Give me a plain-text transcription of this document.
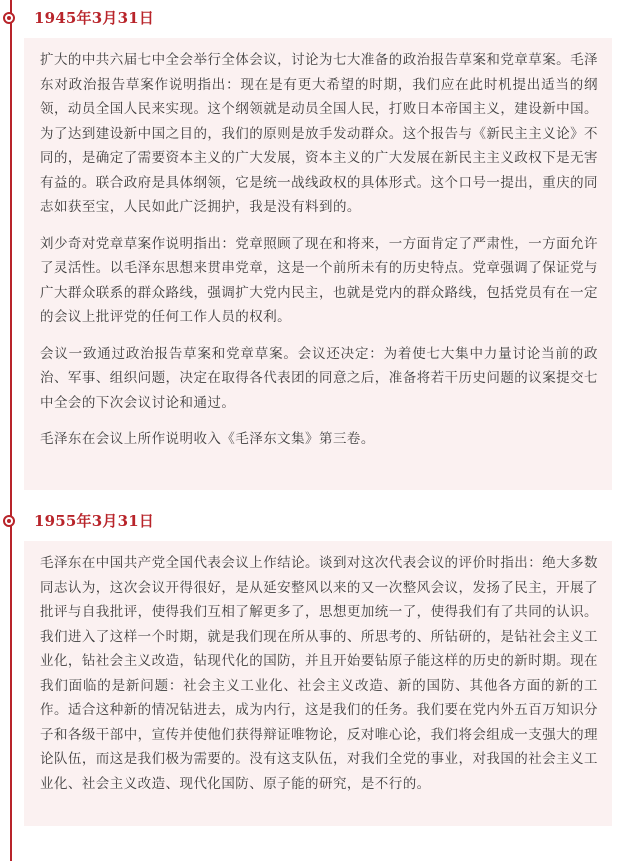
1945年3月31日

扩大的中共六届七中全会举行全体会议，讨论为七大准备的政治报告草案和党章草案。毛泽东对政治报告草案作说明指出：现在是有更大希望的时期，我们应在此时机提出适当的纲领，动员全国人民来实现。这个纲领就是动员全国人民，打败日本帝国主义，建设新中国。为了达到建设新中国之目的，我们的原则是放手发动群众。这个报告与《新民主主义论》不同的，是确定了需要资本主义的广大发展，资本主义的广大发展在新民主主义政权下是无害有益的。联合政府是具体纲领，它是统一战线政权的具体形式。这个口号一提出，重庆的同志如获至宝，人民如此广泛拥护，我是没有料到的。

刘少奇对党章草案作说明指出：党章照顾了现在和将来，一方面肯定了严肃性，一方面允许了灵活性。以毛泽东思想来贯串党章，这是一个前所未有的历史特点。党章强调了保证党与广大群众联系的群众路线，强调扩大党内民主，也就是党内的群众路线，包括党员有在一定的会议上批评党的任何工作人员的权利。

会议一致通过政治报告草案和党章草案。会议还决定：为着使七大集中力量讨论当前的政治、军事、组织问题，决定在取得各代表团的同意之后，准备将若干历史问题的议案提交七中全会的下次会议讨论和通过。

毛泽东在会议上所作说明收入《毛泽东文集》第三卷。

1955年3月31日

毛泽东在中国共产党全国代表会议上作结论。谈到对这次代表会议的评价时指出：绝大多数同志认为，这次会议开得很好，是从延安整风以来的又一次整风会议，发扬了民主，开展了批评与自我批评，使得我们互相了解更多了，思想更加统一了，使得我们有了共同的认识。我们进入了这样一个时期，就是我们现在所从事的、所思考的、所钻研的，是钻社会主义工业化，钻社会主义改造，钻现代化的国防，并且开始要钻原子能这样的历史的新时期。现在我们面临的是新问题：社会主义工业化、社会主义改造、新的国防、其他各方面的新的工作。适合这种新的情况钻进去，成为内行，这是我们的任务。我们要在党内外五百万知识分子和各级干部中，宣传并使他们获得辩证唯物论，反对唯心论，我们将会组成一支强大的理论队伍，而这是我们极为需要的。没有这支队伍，对我们全党的事业，对我国的社会主义工业化、社会主义改造、现代化国防、原子能的研究，是不行的。
